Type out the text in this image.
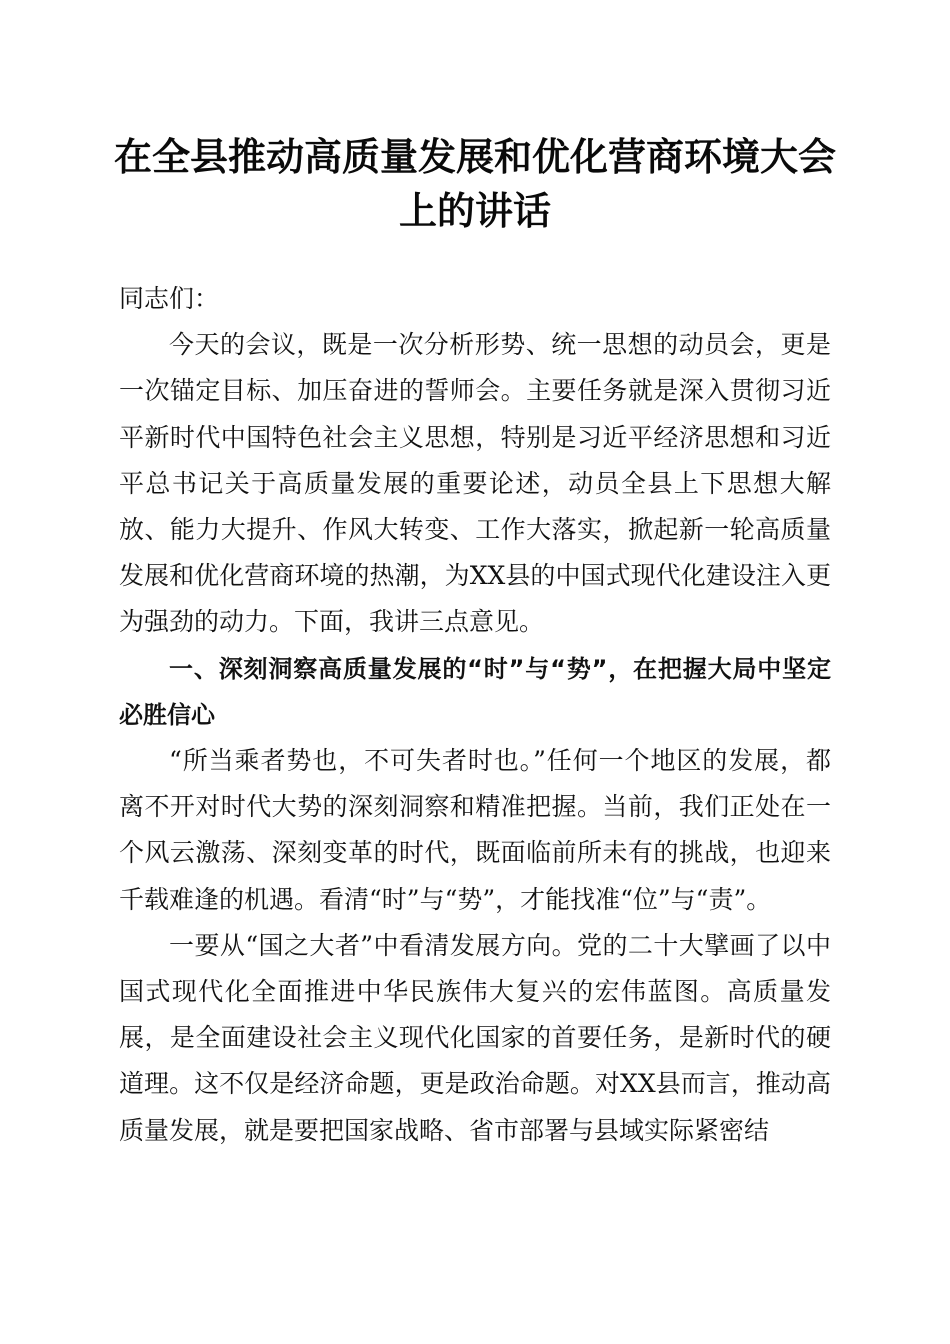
在全县推动高质量发展和优化营商环境大会上的讲话

同志们：

今天的会议，既是一次分析形势、统一思想的动员会，更是一次锚定目标、加压奋进的誓师会。主要任务就是深入贯彻习近平新时代中国特色社会主义思想，特别是习近平经济思想和习近平总书记关于高质量发展的重要论述，动员全县上下思想大解放、能力大提升、作风大转变、工作大落实，掀起新一轮高质量发展和优化营商环境的热潮，为XX县的中国式现代化建设注入更为强劲的动力。下面，我讲三点意见。

一、深刻洞察高质量发展的“时”与“势”，在把握大局中坚定必胜信心

“所当乘者势也，不可失者时也。”任何一个地区的发展，都离不开对时代大势的深刻洞察和精准把握。当前，我们正处在一个风云激荡、深刻变革的时代，既面临前所未有的挑战，也迎来千载难逢的机遇。看清“时”与“势”，才能找准“位”与“责”。

一要从“国之大者”中看清发展方向。党的二十大擘画了以中国式现代化全面推进中华民族伟大复兴的宏伟蓝图。高质量发展，是全面建设社会主义现代化国家的首要任务，是新时代的硬道理。这不仅是经济命题，更是政治命题。对XX县而言，推动高质量发展，就是要把国家战略、省市部署与县域实际紧密结
